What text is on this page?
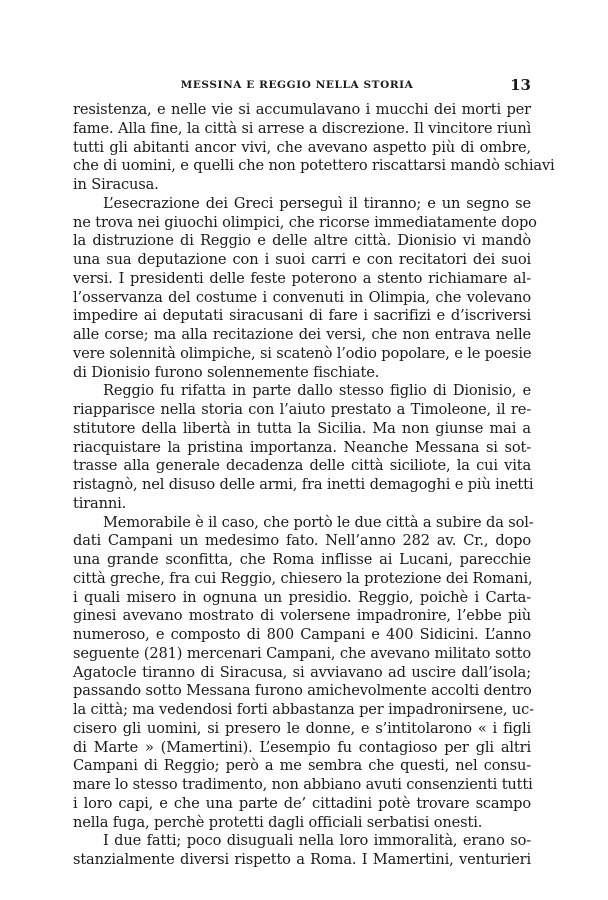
MESSINA E REGGIO NELLA STORIA	13
resistenza, e nelle vie si accumulavano i mucchi dei morti per
fame. Alla fine, la città si arrese a discrezione. Il vincitore riunì
tutti gli abitanti ancor vivi, che avevano aspetto più di ombre,
che di uomini, e quelli che non potettero riscattarsi mandò schiavi
in Siracusa.
L’esecrazione dei Greci perseguì il tiranno; e un segno se
ne trova nei giuochi olimpici, che ricorse immediatamente dopo
la distruzione di Reggio e delle altre città. Dionisio vi mandò
una sua deputazione con i suoi carri e con recitatori dei suoi
versi. I presidenti delle feste poterono a stento richiamare al-
l’osservanza del costume i convenuti in Olimpia, che volevano
impedire ai deputati siracusani di fare i sacrifizi e d’iscriversi
alle corse; ma alla recitazione dei versi, che non entrava nelle
vere solennità olimpiche, si scatenò l’odio popolare, e le poesie
di Dionisio furono solennemente fischiate.
Reggio fu rifatta in parte dallo stesso figlio di Dionisio, e
riapparisce nella storia con l’aiuto prestato a Timoleone, il re-
stitutore della libertà in tutta la Sicilia. Ma non giunse mai a
riacquistare la pristina importanza. Neanche Messana si sot-
trasse alla generale decadenza delle città siciliote, la cui vita
ristagnò, nel disuso delle armi, fra inetti demagoghi e più inetti
tiranni.
Memorabile è il caso, che portò le due città a subire da sol-
dati Campani un medesimo fato. Nell’anno 282 av. Cr., dopo
una grande sconfitta, che Roma inflisse ai Lucani, parecchie
città greche, fra cui Reggio, chiesero la protezione dei Romani,
i quali misero in ognuna un presidio. Reggio, poichè i Carta-
ginesi avevano mostrato di volersene impadronire, l’ebbe più
numeroso, e composto di 800 Campani e 400 Sidicini. L’anno
seguente (281) mercenari Campani, che avevano militato sotto
Agatocle tiranno di Siracusa, si avviavano ad uscire dall’isola;
passando sotto Messana furono amichevolmente accolti dentro
la città; ma vedendosi forti abbastanza per impadronirsene, uc-
cisero gli uomini, si presero le donne, e s’intitolarono « i figli
di Marte » (Mamertini). L’esempio fu contagioso per gli altri
Campani di Reggio; però a me sembra che questi, nel consu-
mare lo stesso tradimento, non abbiano avuti consenzienti tutti
i loro capi, e che una parte de’ cittadini potè trovare scampo
nella fuga, perchè protetti dagli officiali serbatisi onesti.
I due fatti; poco disuguali nella loro immoralità, erano so-
stanzialmente diversi rispetto a Roma. I Mamertini, venturieri
